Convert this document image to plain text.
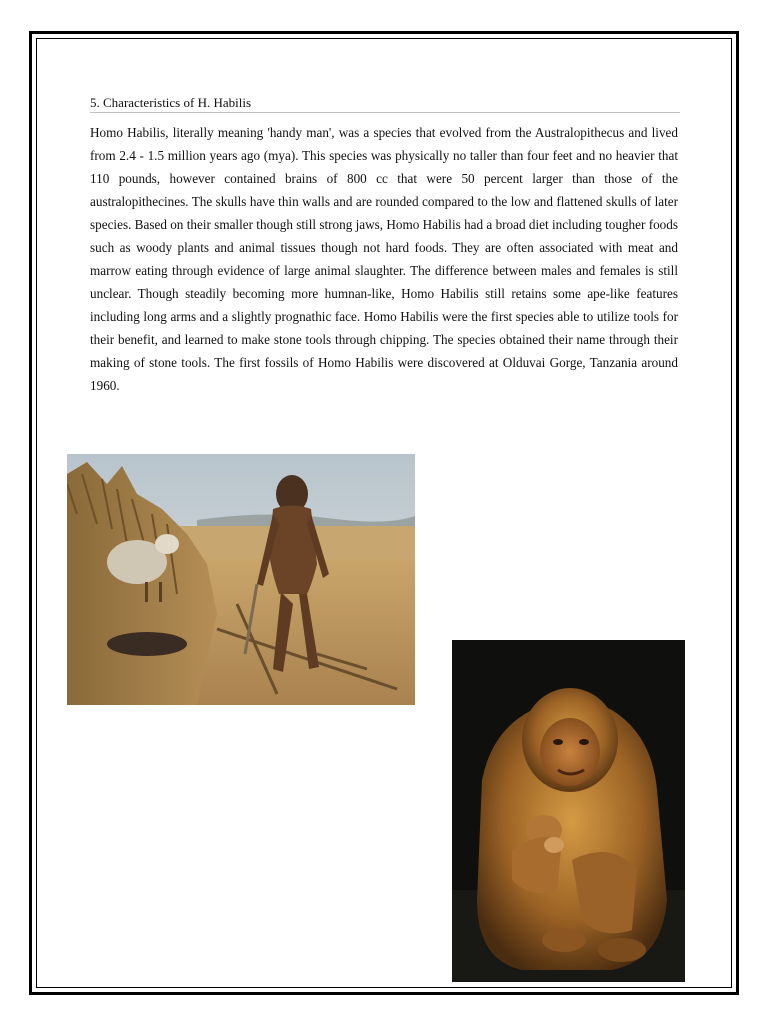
5. Characteristics of H. Habilis

Homo Habilis, literally meaning 'handy man', was a species that evolved from the Australopithecus and lived from 2.4 - 1.5 million years ago (mya). This species was physically no taller than four feet and no heavier that 110 pounds, however contained brains of 800 cc that were 50 percent larger than those of the australopithecines. The skulls have thin walls and are rounded compared to the low and flattened skulls of later species. Based on their smaller though still strong jaws, Homo Habilis had a broad diet including tougher foods such as woody plants and animal tissues though not hard foods. They are often associated with meat and marrow eating through evidence of large animal slaughter. The difference between males and females is still unclear. Though steadily becoming more humnan-like, Homo Habilis still retains some ape-like features including long arms and a slightly prognathic face. Homo Habilis were the first species able to utilize tools for their benefit, and learned to make stone tools through chipping. The species obtained their name through their making of stone tools. The first fossils of Homo Habilis were discovered at Olduvai Gorge, Tanzania around 1960.
